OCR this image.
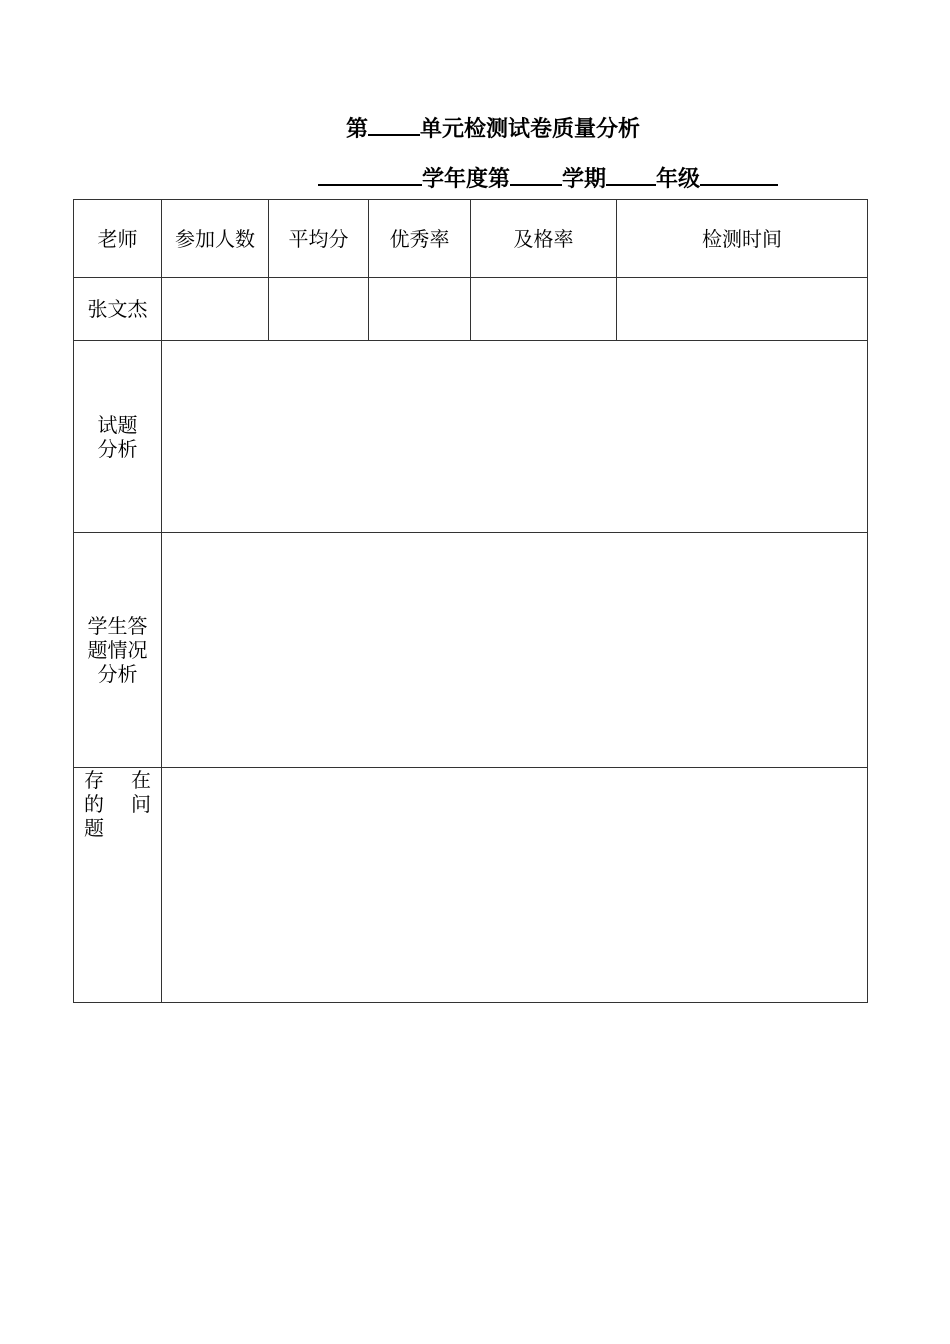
第 单元检测试卷质量分析
学年度第 学期 年级
老师	参加人数	平均分	优秀率	及格率	检测时间
张文杰					

试题
分析					

学生答
题情况
分析					

存 在
的 问
题					
